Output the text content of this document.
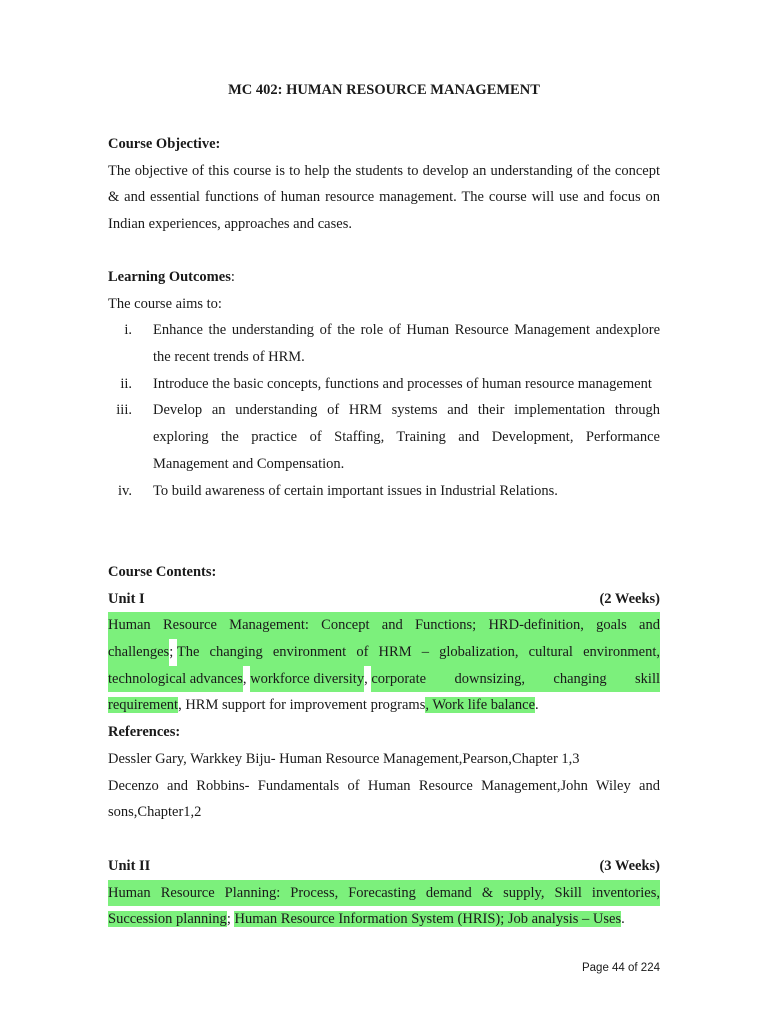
MC 402: HUMAN RESOURCE MANAGEMENT
Course Objective:

The objective of this course is to help the students to develop an understanding of the concept & and essential functions of human resource management. The course will use and focus on Indian experiences, approaches and cases.

Learning Outcomes:
The course aims to:
i. Enhance the understanding of the role of Human Resource Management andexplore the recent trends of HRM.
ii. Introduce the basic concepts, functions and processes of human resource management
iii. Develop an understanding of HRM systems and their implementation through exploring the practice of Staffing, Training and Development, Performance Management and Compensation.
iv. To build awareness of certain important issues in Industrial Relations.
Course Contents:
Unit I	(2 Weeks)
Human Resource Management: Concept and Functions; HRD-definition, goals and
challenges ; The changing environment of HRM – globalization, cultural environment,
technological advances , workforce diversity , corporate downsizing, changing skill
requirement, HRM support for improvement programs, Work life balance.
References:
Dessler Gary, Warkkey Biju- Human Resource Management,Pearson,Chapter 1,3
Decenzo and Robbins- Fundamentals of Human Resource Management,John Wiley and
sons,Chapter1,2
Unit II	(3 Weeks)
Human Resource Planning: Process, Forecasting demand & supply, Skill inventories,
Succession planning; Human Resource Information System (HRIS); Job analysis – Uses.
Page 44 of 224
